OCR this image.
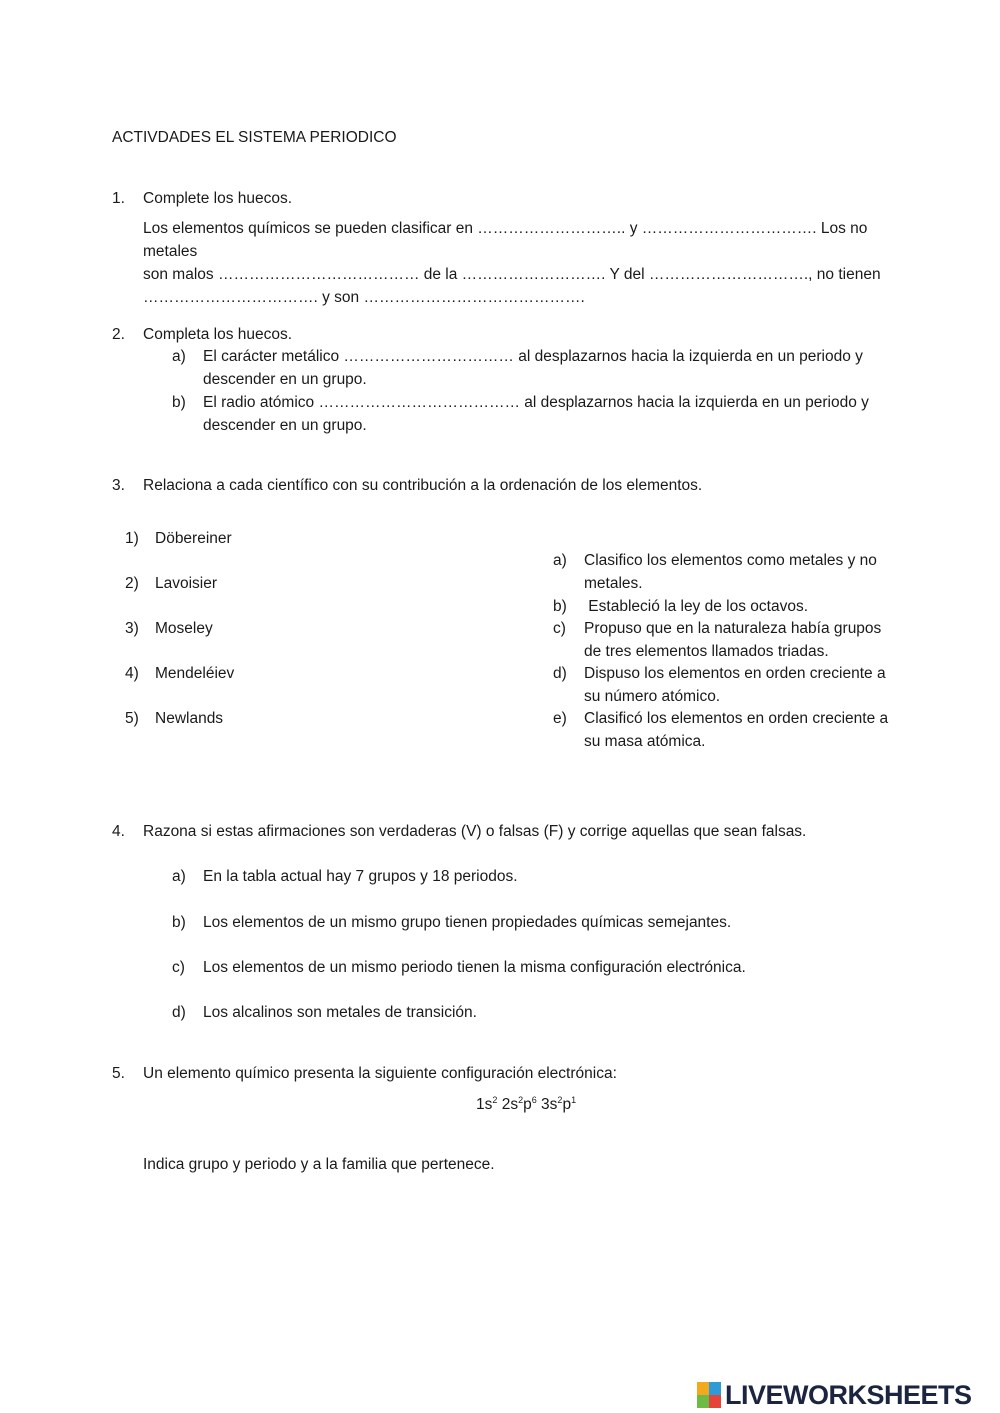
ACTIVDADES EL SISTEMA PERIODICO
1.	Complete los huecos.
Los elementos químicos se pueden clasificar en ……………………….. y ……………………………. Los no metales
son malos ………………………………… de la ………………………. Y del …………………………., no tienen
……………………………. y son …………………………………….
2.	Completa los huecos.
a)	El carácter metálico …………………………… al desplazarnos hacia la izquierda en un periodo y
descender en un grupo.
b)	El radio atómico ………………………………… al desplazarnos hacia la izquierda en un periodo y
descender en un grupo.
3.	Relaciona a cada científico con su contribución a la ordenación de los elementos.
1)	Döbereiner
2)	Lavoisier
3)	Moseley
4)	Mendeléiev
5)	Newlands
a)	Clasifico los elementos como metales y no
metales.
b)	Estableció la ley de los octavos.
c)	Propuso que en la naturaleza había grupos
de tres elementos llamados triadas.
d)	Dispuso los elementos en orden creciente a
su número atómico.
e)	Clasificó los elementos en orden creciente a
su masa atómica.
4.	Razona si estas afirmaciones son verdaderas (V) o falsas (F) y corrige aquellas que sean falsas.
a)	En la tabla actual hay 7 grupos y 18 periodos.
b)	Los elementos de un mismo grupo tienen propiedades químicas semejantes.
c)	Los elementos de un mismo periodo tienen la misma configuración electrónica.
d)	Los alcalinos son metales de transición.
5.	Un elemento químico presenta la siguiente configuración electrónica:
$1s^2$ $2s^2p^6$ $3s^2p^1$
Indica grupo y periodo y a la familia que pertenece.
LIVEWORKSHEETS
